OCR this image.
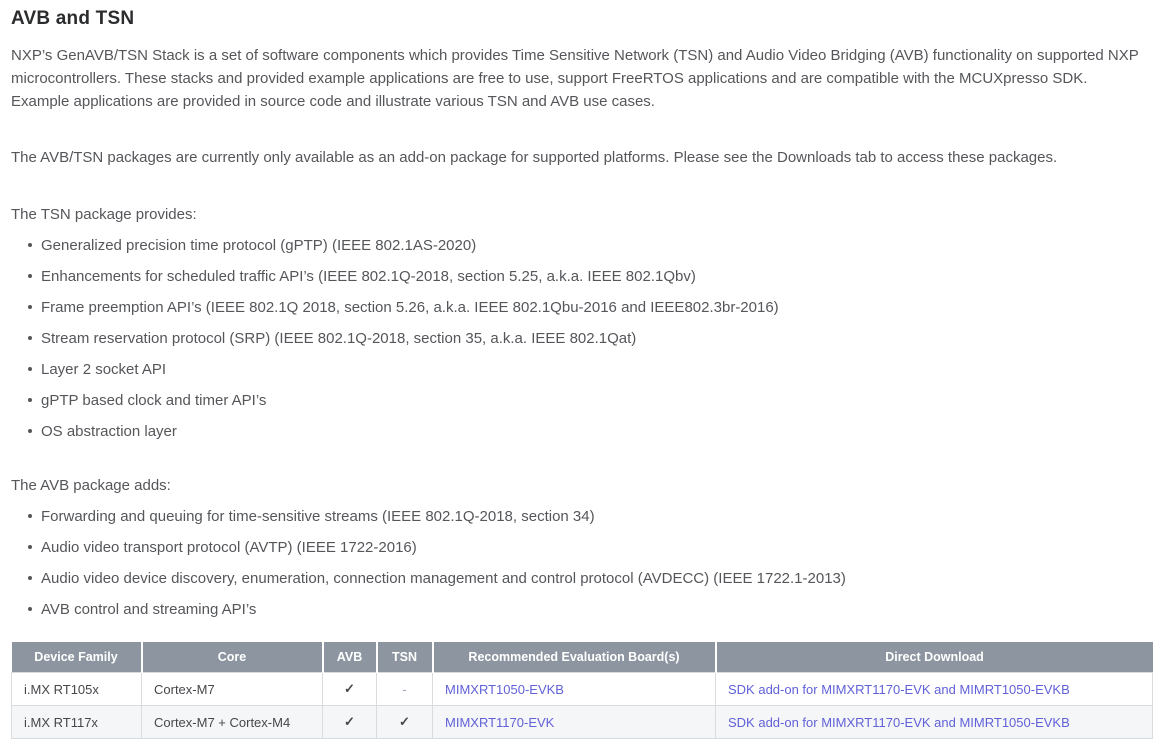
AVB and TSN

NXP’s GenAVB/TSN Stack is a set of software components which provides Time Sensitive Network (TSN) and Audio Video Bridging (AVB) functionality on supported NXP microcontrollers. These stacks and provided example applications are free to use, support FreeRTOS applications and are compatible with the MCUXpresso SDK. Example applications are provided in source code and illustrate various TSN and AVB use cases.

The AVB/TSN packages are currently only available as an add-on package for supported platforms. Please see the Downloads tab to access these packages.

The TSN package provides:

Generalized precision time protocol (gPTP) (IEEE 802.1AS-2020)
Enhancements for scheduled traffic API’s (IEEE 802.1Q-2018, section 5.25, a.k.a. IEEE 802.1Qbv)
Frame preemption API’s (IEEE 802.1Q 2018, section 5.26, a.k.a. IEEE 802.1Qbu-2016 and IEEE802.3br-2016)
Stream reservation protocol (SRP) (IEEE 802.1Q-2018, section 35, a.k.a. IEEE 802.1Qat)
Layer 2 socket API
gPTP based clock and timer API’s
OS abstraction layer

The AVB package adds:

Forwarding and queuing for time-sensitive streams (IEEE 802.1Q-2018, section 34)
Audio video transport protocol (AVTP) (IEEE 1722-2016)
Audio video device discovery, enumeration, connection management and control protocol (AVDECC) (IEEE 1722.1-2013)
AVB control and streaming API’s
Device Family	Core	AVB	TSN	Recommended Evaluation Board(s)	Direct Download
i.MX RT105x	Cortex-M7	✓	-	MIMXRT1050-EVKB	SDK add-on for MIMXRT1170-EVK and MIMRT1050-EVKB
i.MX RT117x	Cortex-M7 + Cortex-M4	✓	✓	MIMXRT1170-EVK	SDK add-on for MIMXRT1170-EVK and MIMRT1050-EVKB
